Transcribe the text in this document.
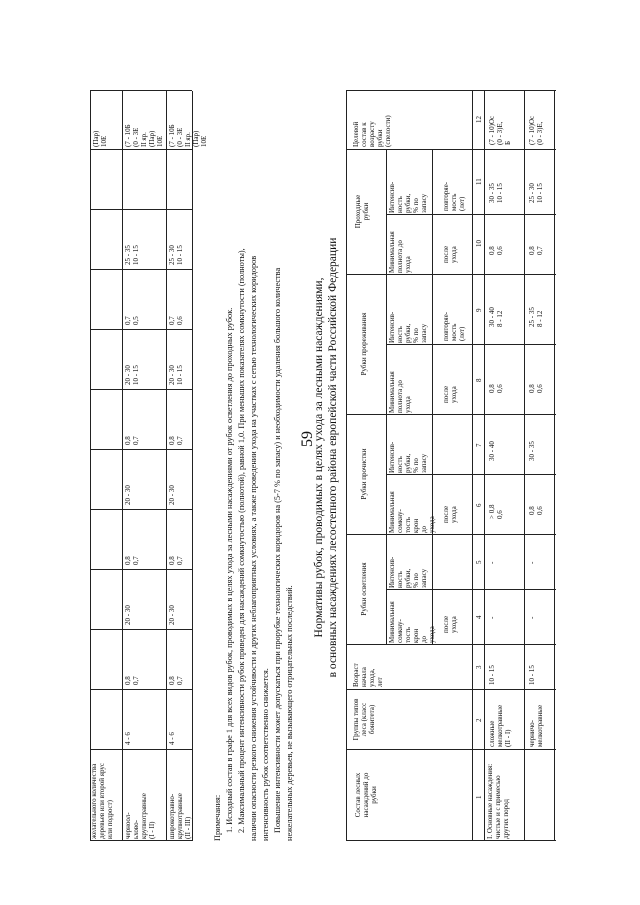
59
желательного количества
деревьев или второй ярус
или подрост)
(Пар)
10Е
черноол-
ьхово-
крупнотравные
(I - II)
4 - 6
0,8
0,7
20 - 30
0,8
0,7
20 - 30
0,8
0,7
20 - 30
10 - 15
0,7
0,5
25 - 35
10 - 15
(7 - 10Б
(0 - 3Е
II яр.
(Пар)
10Е
широкотравно-
крупнотравные
(II - III)
4 - 6
0,8
0,7
20 - 30
0,8
0,7
20 - 30
0,8
0,7
20 - 30
10 - 15
0,7
0,6
25 - 30
10 - 15
(7 - 10Б
(0 - 3Е
II яр.
(Пар)
10Е
Примечания: 1. Исходный состав в графе 1 для всех видов рубок, проводимых в целях ухода за лесными насаждениями от рубок осветления до проходных рубок. 2. Максимальный процент интенсивности рубок приведен для насаждений сомкнутостью (полнотой), равной 1,0. При меньших показателях сомкнутости (полноты), наличии опасности резкого снижения устойчивости и других неблагоприятных условиях, а также проведении ухода на участках с сетью технологических коридоров интенсивность рубок соответственно снижается. Повышение интенсивности может допускаться при прорубке технологических коридоров на (5-7 % по запасу) и необходимости удаления большого количества нежелательных деревьев, не вызывающего отрицательных последствий.
Нормативы рубок, проводимых в целях ухода за лесными насаждениями, в основных насаждениях лесостепного района европейской части Российской Федерации
Состав лесных
насаждений до
рубки
Группы типов
леса (класс
бонитета)
Возраст
начала
ухода,
лет
Рубки осветления
Рубки прочистки
Рубки прореживания
Проходные
рубки
Целевой
состав к
возрасту
рубки
(спелости)
Минимальная
сомкну-
тость
крон
до
ухода
Интенсив-
ность
рубки,
% по
запасу
Минимальная
сомкну-
тость
крон
до
ухода
Интенсив-
ность
рубки,
% по
запасу
Минимальная
полнота до
ухода
Интенсив-
ность
рубки,
% по
запасу
Минимальная
полнота до
ухода
Интенсив-
ность
рубки,
% по
запасу
после
ухода
после
ухода
после
ухода
повторяе-
мость
(лет)
после
ухода
повторяе-
мость
(лет)
1
2
3
4
5
6
7
8
9
10
11
12
I. Основные насаждения:
чистые и с примесью
других пород
сложные
мелкотравные
(II - I)
10 - 15
-
-
> 0,8
0,6
30 - 40
0,8
0,6
30 - 40
8 - 12
0,8
0,6
30 - 35
10 - 15
(7 - 10)Ос
(0 - 3)Е,
Б
черничо-
мелкотравные
10 - 15
-
-
0,8
0,6
30 - 35
0,8
0,6
25 - 35
8 - 12
0,8
0,7
25 - 30
10 - 15
(7 - 10)Ос
(0 - 3)Е,
